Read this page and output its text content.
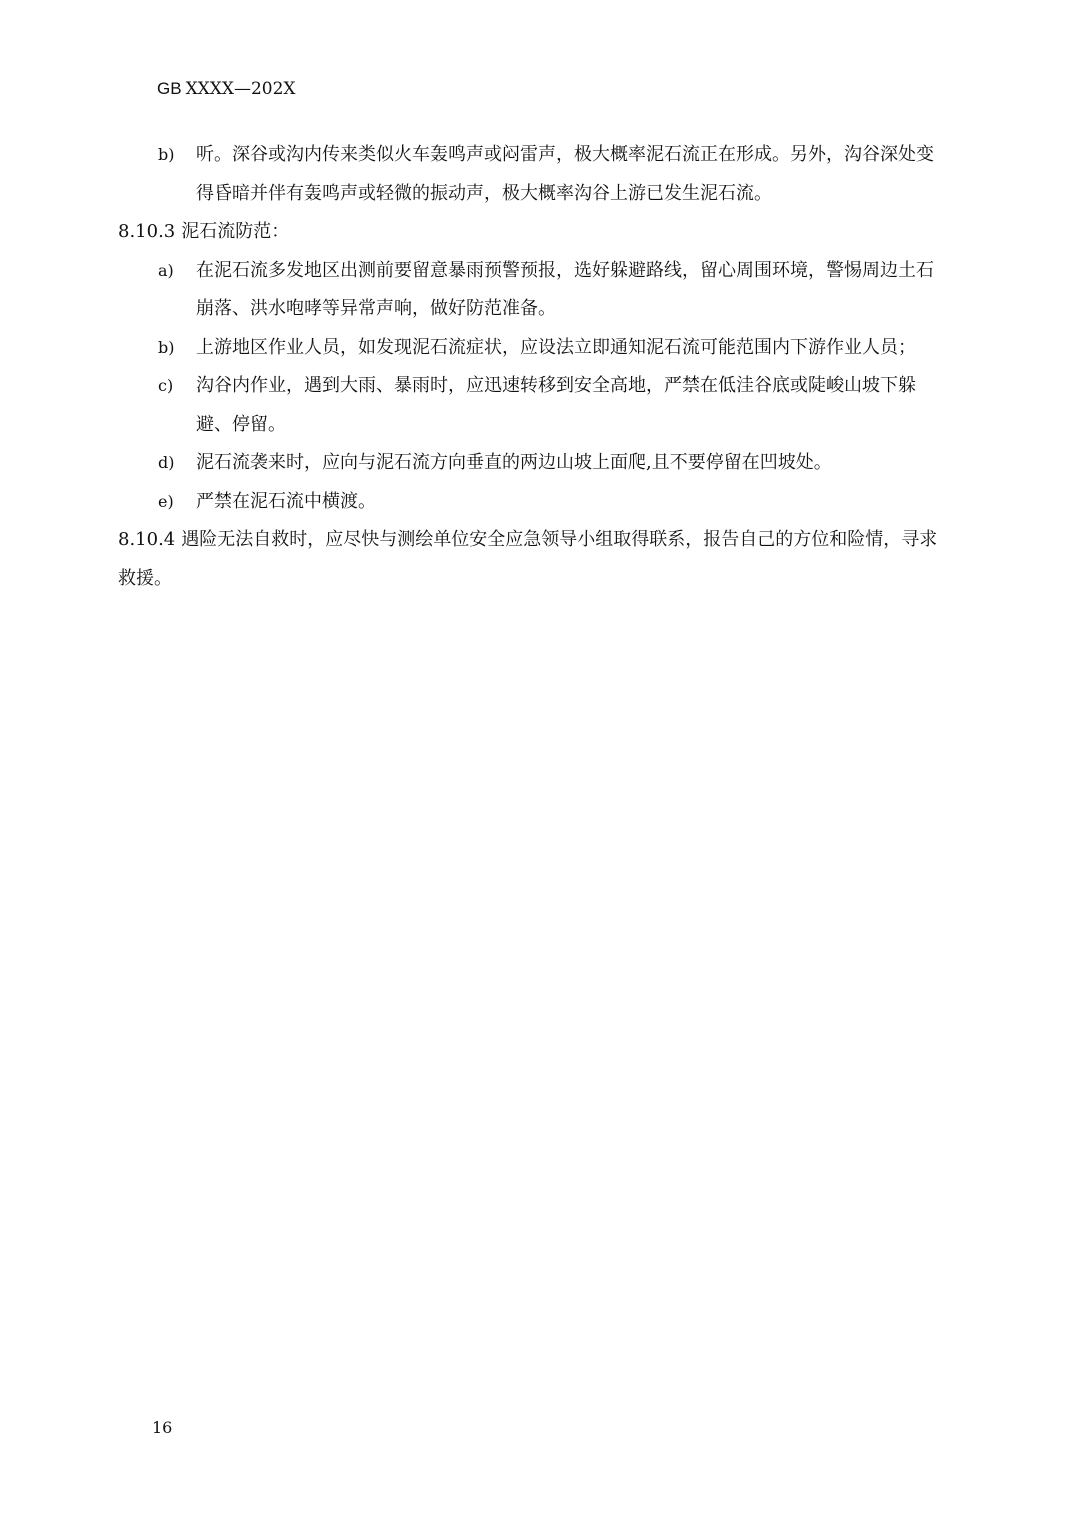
GB XXXX—202X
b) 听。深谷或沟内传来类似火车轰鸣声或闷雷声，极大概率泥石流正在形成。另外，沟谷深处变得昏暗并伴有轰鸣声或轻微的振动声，极大概率沟谷上游已发生泥石流。
8.10.3 泥石流防范：
a) 在泥石流多发地区出测前要留意暴雨预警预报，选好躲避路线，留心周围环境，警惕周边土石崩落、洪水咆哮等异常声响，做好防范准备。
b) 上游地区作业人员，如发现泥石流症状，应设法立即通知泥石流可能范围内下游作业人员；
c) 沟谷内作业，遇到大雨、暴雨时，应迅速转移到安全高地，严禁在低洼谷底或陡峻山坡下躲避、停留。
d) 泥石流袭来时，应向与泥石流方向垂直的两边山坡上面爬,且不要停留在凹坡处。
e) 严禁在泥石流中横渡。
8.10.4 遇险无法自救时，应尽快与测绘单位安全应急领导小组取得联系，报告自己的方位和险情，寻求救援。
16
